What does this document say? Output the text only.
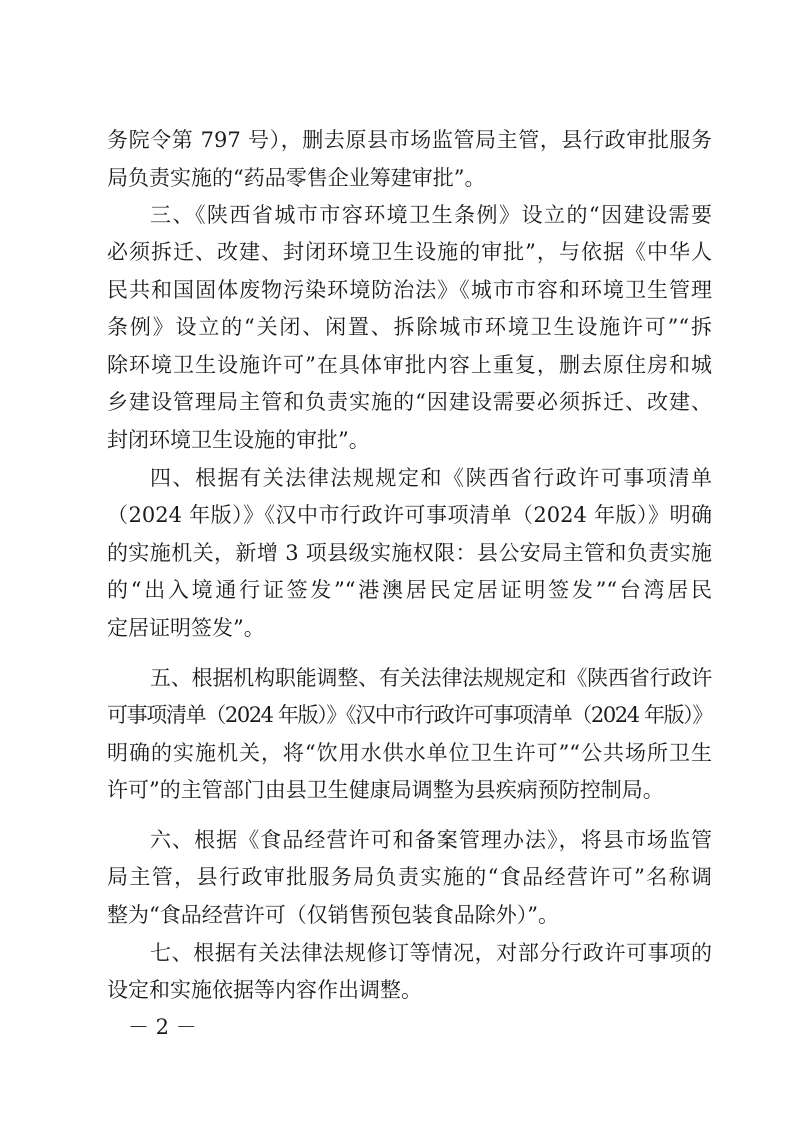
务院令第 797 号），删去原县市场监管局主管，县行政审批服务
局负责实施的“药品零售企业筹建审批”。
三、《陕西省城市市容环境卫生条例》设立的“因建设需要
必须拆迁、改建、封闭环境卫生设施的审批”，与依据《中华人
民共和国固体废物污染环境防治法》《城市市容和环境卫生管理
条例》设立的“关闭、闲置、拆除城市环境卫生设施许可”“拆
除环境卫生设施许可”在具体审批内容上重复，删去原住房和城
乡建设管理局主管和负责实施的“因建设需要必须拆迁、改建、
封闭环境卫生设施的审批”。
四、根据有关法律法规规定和《陕西省行政许可事项清单
（2024 年版）》《汉中市行政许可事项清单（2024 年版）》明确
的实施机关，新增 3 项县级实施权限：县公安局主管和负责实施
的“出入境通行证签发”“港澳居民定居证明签发”“台湾居民
定居证明签发”。
五、根据机构职能调整、有关法律法规规定和《陕西省行政许
可事项清单（2024 年版）》《汉中市行政许可事项清单（2024 年版）》
明确的实施机关，将“饮用水供水单位卫生许可”“公共场所卫生
许可”的主管部门由县卫生健康局调整为县疾病预防控制局。
六、根据《食品经营许可和备案管理办法》，将县市场监管
局主管，县行政审批服务局负责实施的“食品经营许可”名称调
整为“食品经营许可（仅销售预包装食品除外）”。
七、根据有关法律法规修订等情况，对部分行政许可事项的
设定和实施依据等内容作出调整。
－ 2 －
